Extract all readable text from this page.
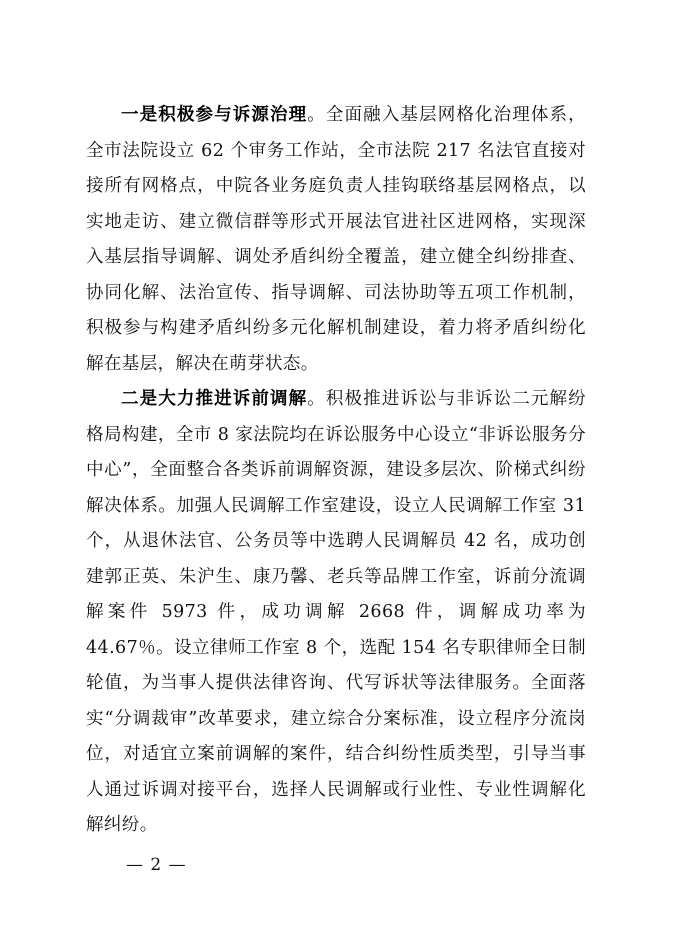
一是积极参与诉源治理。全面融入基层网格化治理体系，全市法院设立 62 个审务工作站，全市法院 217 名法官直接对接所有网格点，中院各业务庭负责人挂钩联络基层网格点，以实地走访、建立微信群等形式开展法官进社区进网格，实现深入基层指导调解、调处矛盾纠纷全覆盖，建立健全纠纷排查、协同化解、法治宣传、指导调解、司法协助等五项工作机制，积极参与构建矛盾纠纷多元化解机制建设，着力将矛盾纠纷化解在基层，解决在萌芽状态。

二是大力推进诉前调解。积极推进诉讼与非诉讼二元解纷格局构建，全市 8 家法院均在诉讼服务中心设立“非诉讼服务分中心”，全面整合各类诉前调解资源，建设多层次、阶梯式纠纷解决体系。加强人民调解工作室建设，设立人民调解工作室 31 个，从退休法官、公务员等中选聘人民调解员 42 名，成功创建郭正英、朱沪生、康乃馨、老兵等品牌工作室，诉前分流调解案件 5973 件，成功调解 2668 件，调解成功率为 44.67％。设立律师工作室 8 个，选配 154 名专职律师全日制轮值，为当事人提供法律咨询、代写诉状等法律服务。全面落实“分调裁审”改革要求，建立综合分案标准，设立程序分流岗位，对适宜立案前调解的案件，结合纠纷性质类型，引导当事人通过诉调对接平台，选择人民调解或行业性、专业性调解化解纠纷。

— 2 —
